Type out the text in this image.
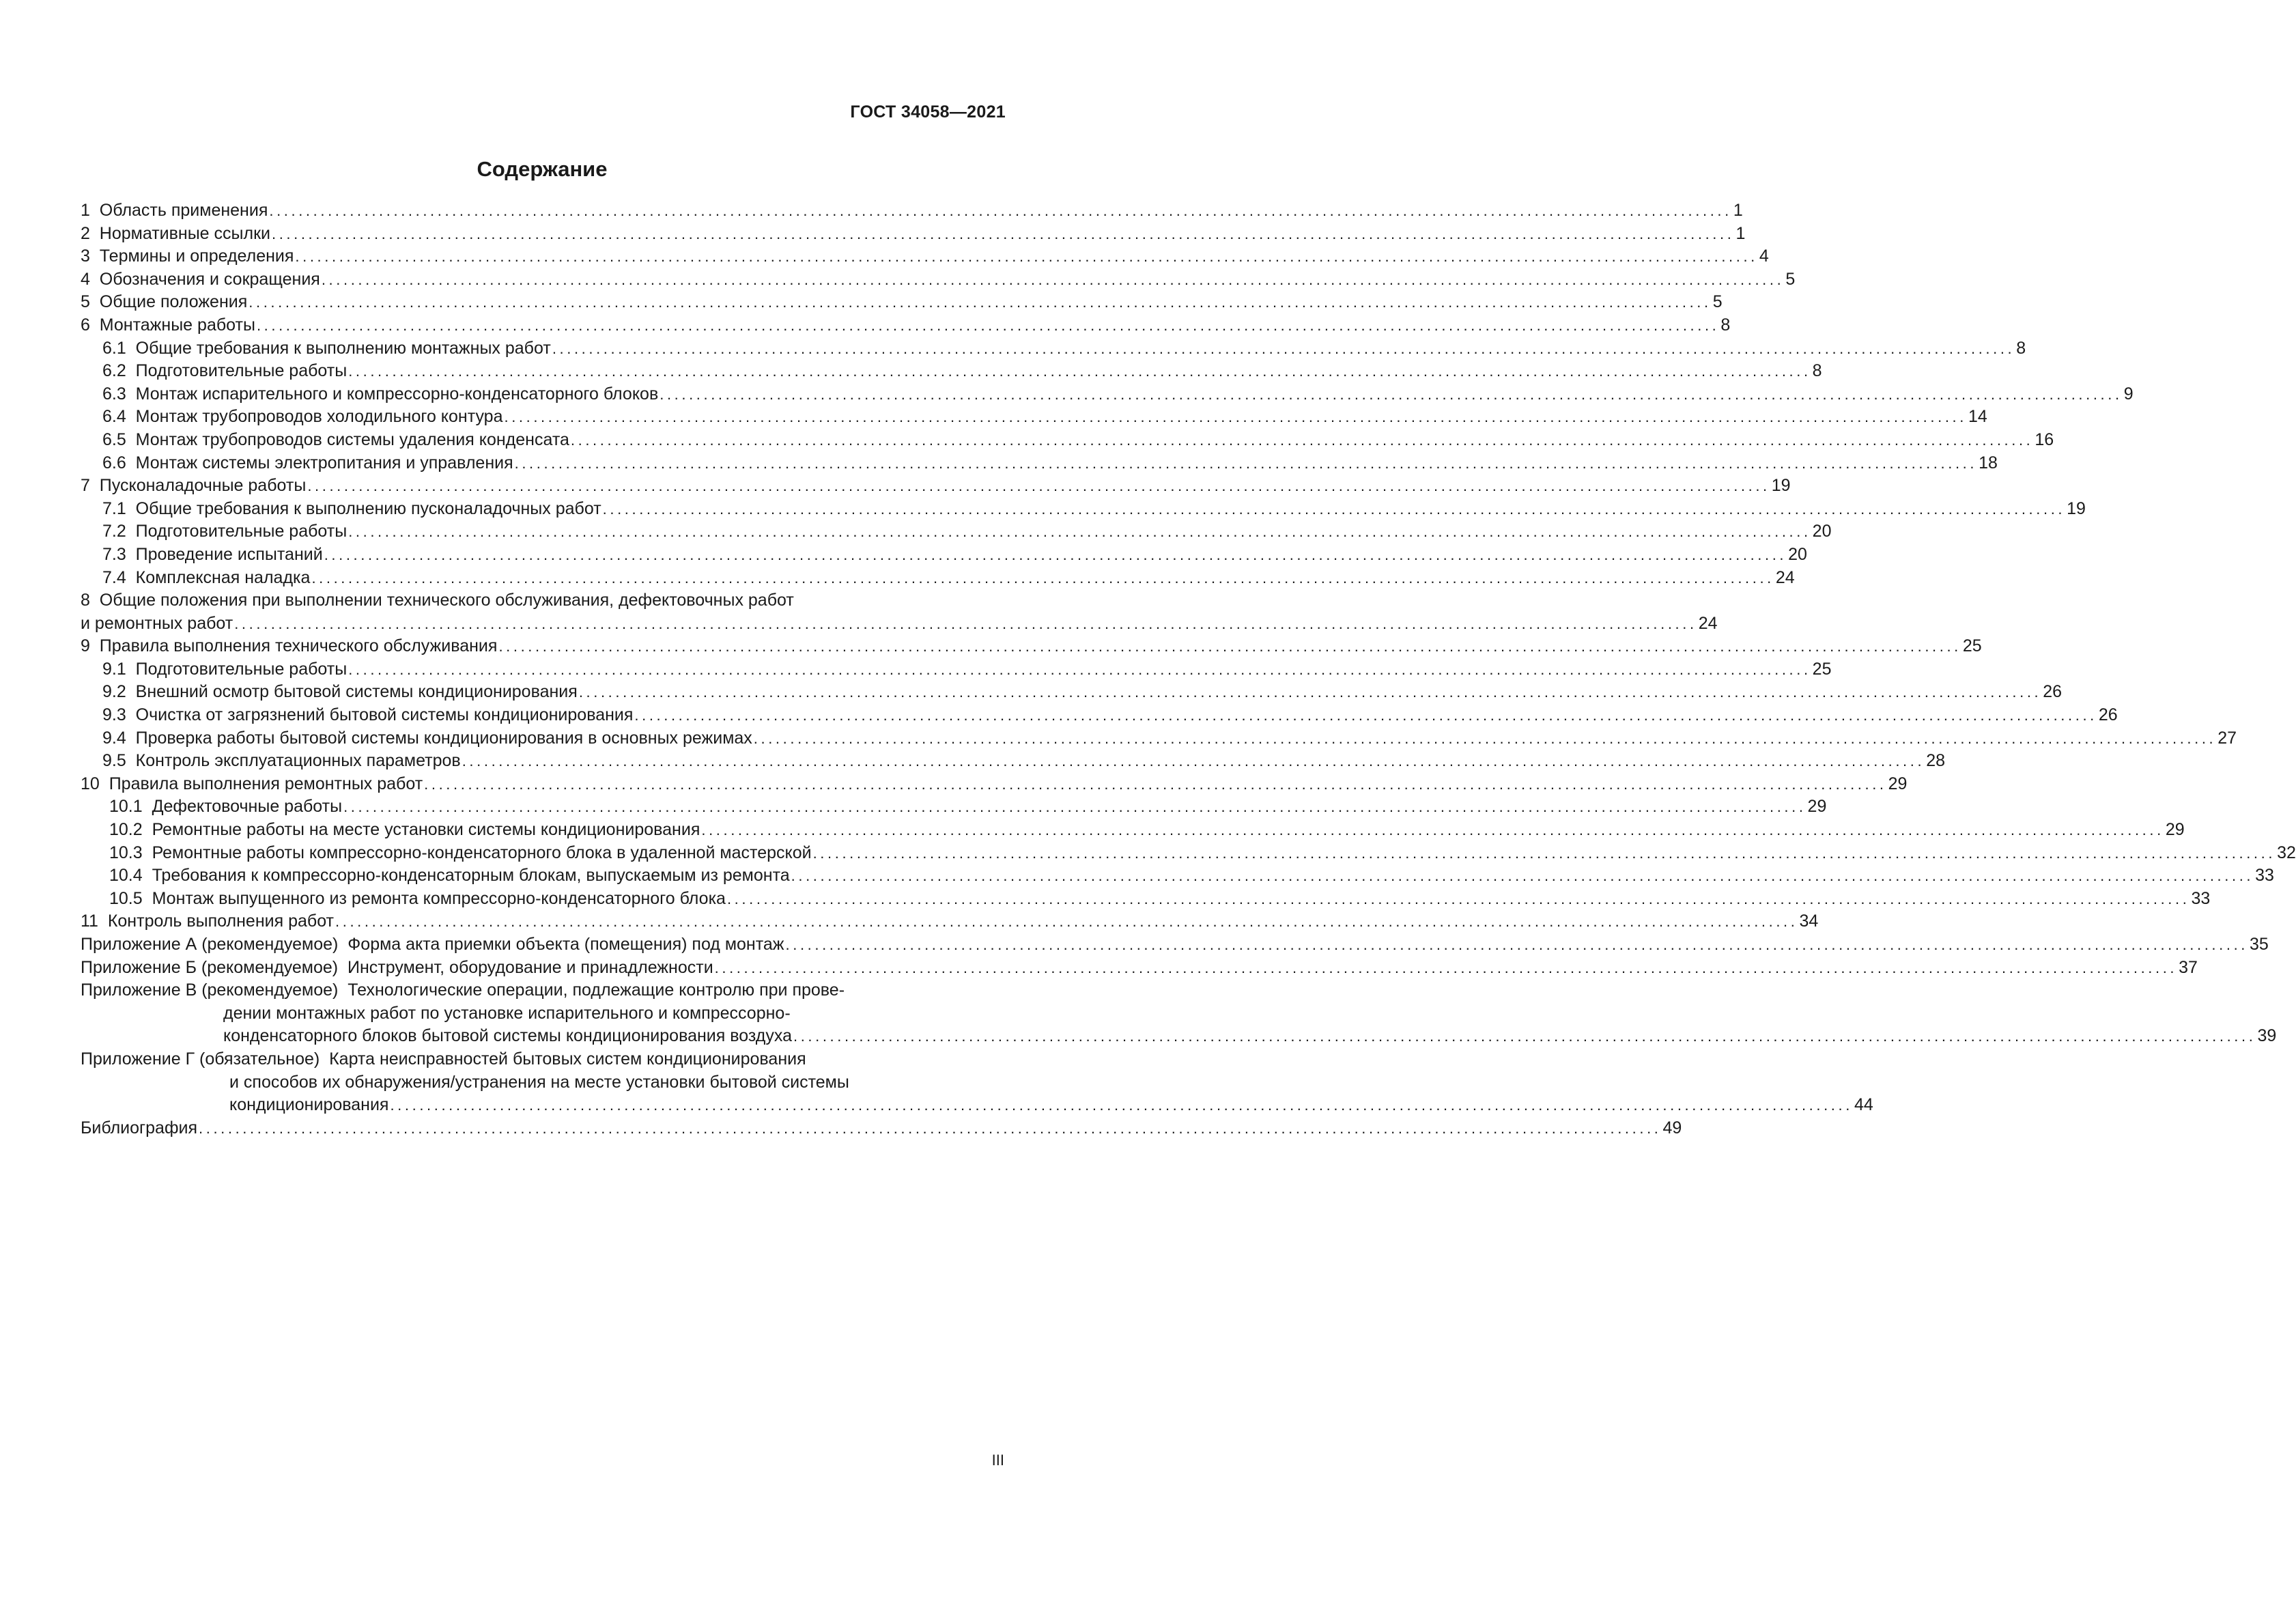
ГОСТ 34058—2021
Содержание
1 Область применения ........................................................................................................................................................................................................ 1
2 Нормативные ссылки ........................................................................................................................................................................................................ 1
3 Термины и определения ........................................................................................................................................................................................................ 4
4 Обозначения и сокращения ........................................................................................................................................................................................................ 5
5 Общие положения ........................................................................................................................................................................................................ 5
6 Монтажные работы ........................................................................................................................................................................................................ 8
6.1 Общие требования к выполнению монтажных работ ........................................................................................................................................................................................................ 8
6.2 Подготовительные работы ........................................................................................................................................................................................................ 8
6.3 Монтаж испарительного и компрессорно-конденсаторного блоков ........................................................................................................................................................................................................ 9
6.4 Монтаж трубопроводов холодильного контура ........................................................................................................................................................................................................ 14
6.5 Монтаж трубопроводов системы удаления конденсата ........................................................................................................................................................................................................ 16
6.6 Монтаж системы электропитания и управления ........................................................................................................................................................................................................ 18
7 Пусконаладочные работы ........................................................................................................................................................................................................ 19
7.1 Общие требования к выполнению пусконаладочных работ ........................................................................................................................................................................................................ 19
7.2 Подготовительные работы ........................................................................................................................................................................................................ 20
7.3 Проведение испытаний ........................................................................................................................................................................................................ 20
7.4 Комплексная наладка ........................................................................................................................................................................................................ 24
8 Общие положения при выполнении технического обслуживания, дефектовочных работ
и ремонтных работ ........................................................................................................................................................................................................ 24
9 Правила выполнения технического обслуживания ........................................................................................................................................................................................................ 25
9.1 Подготовительные работы ........................................................................................................................................................................................................ 25
9.2 Внешний осмотр бытовой системы кондиционирования ........................................................................................................................................................................................................ 26
9.3 Очистка от загрязнений бытовой системы кондиционирования ........................................................................................................................................................................................................ 26
9.4 Проверка работы бытовой системы кондиционирования в основных режимах ........................................................................................................................................................................................................ 27
9.5 Контроль эксплуатационных параметров ........................................................................................................................................................................................................ 28
10 Правила выполнения ремонтных работ ........................................................................................................................................................................................................ 29
10.1 Дефектовочные работы ........................................................................................................................................................................................................ 29
10.2 Ремонтные работы на месте установки системы кондиционирования ........................................................................................................................................................................................................ 29
10.3 Ремонтные работы компрессорно-конденсаторного блока в удаленной мастерской ........................................................................................................................................................................................................ 32
10.4 Требования к компрессорно-конденсаторным блокам, выпускаемым из ремонта ........................................................................................................................................................................................................ 33
10.5 Монтаж выпущенного из ремонта компрессорно-конденсаторного блока ........................................................................................................................................................................................................ 33
11 Контроль выполнения работ ........................................................................................................................................................................................................ 34
Приложение А (рекомендуемое) Форма акта приемки объекта (помещения) под монтаж ........................................................................................................................................................................................................ 35
Приложение Б (рекомендуемое) Инструмент, оборудование и принадлежности ........................................................................................................................................................................................................ 37
Приложение В (рекомендуемое) Технологические операции, подлежащие контролю при прове-
дении монтажных работ по установке испарительного и компрессорно-
конденсаторного блоков бытовой системы кондиционирования воздуха ........................................................................................................................................................................................................ 39
Приложение Г (обязательное) Карта неисправностей бытовых систем кондиционирования
и способов их обнаружения/устранения на месте установки бытовой системы
кондиционирования ........................................................................................................................................................................................................ 44
Библиография ........................................................................................................................................................................................................ 49
III
